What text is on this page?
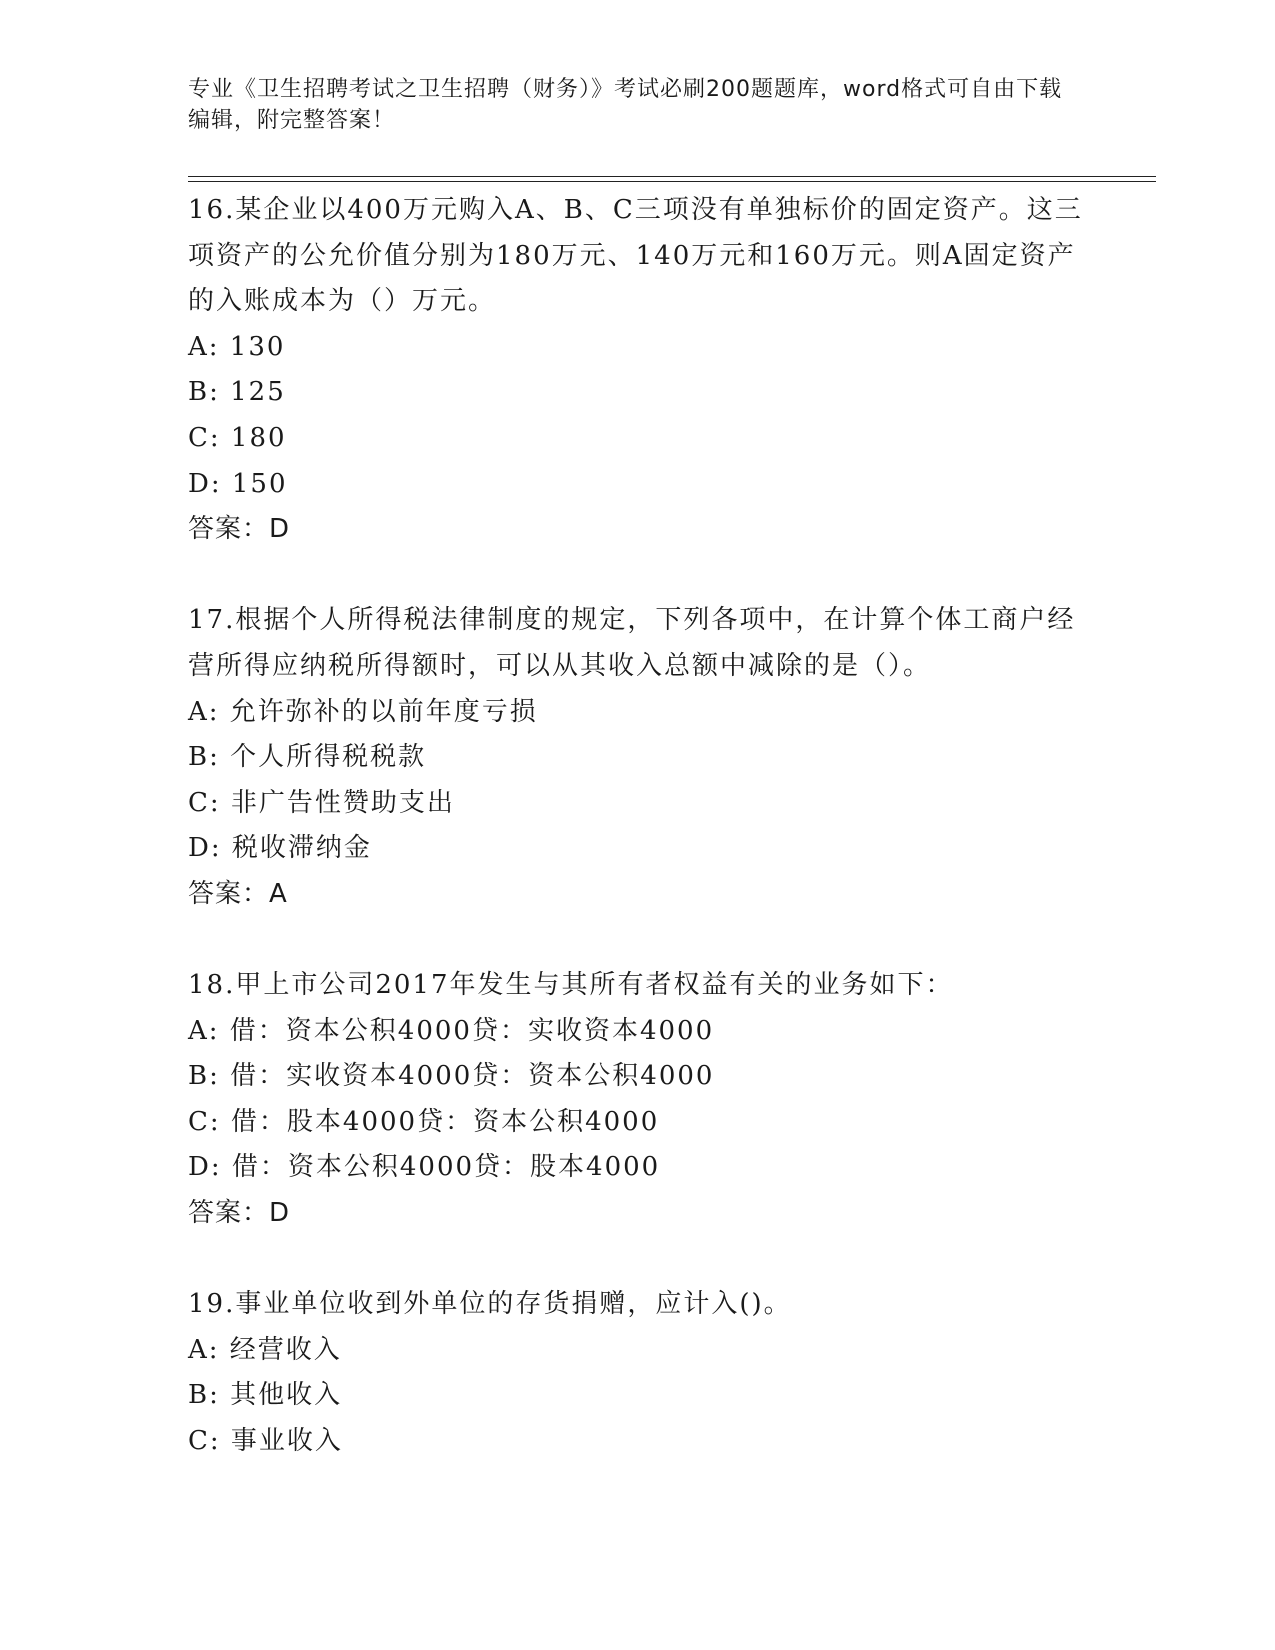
专业《卫生招聘考试之卫生招聘（财务）》考试必刷200题题库，word格式可自由下载编辑，附完整答案！

16.某企业以400万元购入A、B、C三项没有单独标价的固定资产。这三项资产的公允价值分别为180万元、140万元和160万元。则A固定资产的入账成本为（）万元。

A: 130

B: 125

C: 180

D: 150

答案：D

17.根据个人所得税法律制度的规定，下列各项中，在计算个体工商户经营所得应纳税所得额时，可以从其收入总额中减除的是（）。

A: 允许弥补的以前年度亏损

B: 个人所得税税款

C: 非广告性赞助支出

D: 税收滞纳金

答案：A

18.甲上市公司2017年发生与其所有者权益有关的业务如下：

A: 借：资本公积4000贷：实收资本4000

B: 借：实收资本4000贷：资本公积4000

C: 借：股本4000贷：资本公积4000

D: 借：资本公积4000贷：股本4000

答案：D

19.事业单位收到外单位的存货捐赠，应计入()。

A: 经营收入

B: 其他收入

C: 事业收入
